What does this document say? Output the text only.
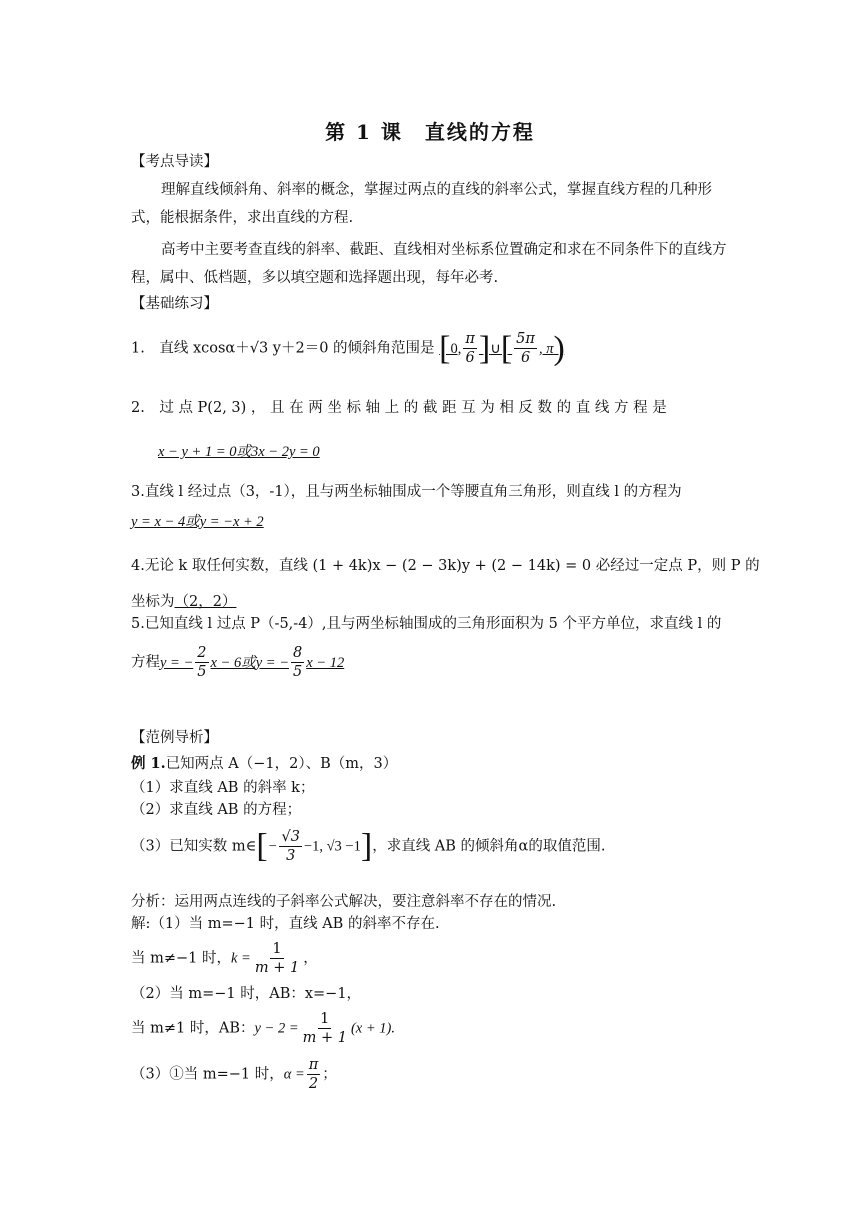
第 1 课　直线的方程
【考点导读】
理解直线倾斜角、斜率的概念，掌握过两点的直线的斜率公式，掌握直线方程的几种形式，能根据条件，求出直线的方程.
高考中主要考查直线的斜率、截距、直线相对坐标系位置确定和求在不同条件下的直线方程，属中、低档题，多以填空题和选择题出现，每年必考.
【基础练习】
1.　直线 xcosα＋√3 y＋2＝0 的倾斜角范围是 [0, $\frac{\pi}{6}$ ]∪[ $\frac{5\pi}{6}$ , π)
2.　过 点 P(2, 3) ， 且 在 两 坐 标 轴 上 的 截 距 互 为 相 反 数 的 直 线 方 程 是
x − y + 1 = 0或3x − 2y = 0
3.直线 l 经过点（3，-1），且与两坐标轴围成一个等腰直角三角形，则直线 l 的方程为
y = x − 4或y = −x + 2
4.无论 k 取任何实数，直线 (1 + 4k)x − (2 − 3k)y + (2 − 14k) = 0 必经过一定点 P，则 P 的
坐标为（2，2）
5.已知直线 l 过点 P（-5,-4）,且与两坐标轴围成的三角形面积为 5 个平方单位，求直线 l 的
方程y = − $\frac{2}{5}$ x − 6或y = − $\frac{8}{5}$ x − 12
【范例导析】
例 1.已知两点 A（−1，2）、B（m，3）
（1）求直线 AB 的斜率 k；
（2）求直线 AB 的方程；
（3）已知实数 m∈[− $\frac{√3}{3} -1$, √3 −1]，求直线 AB 的倾斜角α的取值范围.
分析：运用两点连线的子斜率公式解决，要注意斜率不存在的情况.
解:（1）当 m=−1 时，直线 AB 的斜率不存在.
当 m≠−1 时，$k = \frac{1}{m + 1}$ ，
（2）当 m=−1 时，AB：x=−1，
当 m≠1 时，AB：$y - 2 = \frac{1}{m + 1} (x + 1)$.
（3）①当 m=−1 时，$\alpha = \frac{\pi}{2}$ ；
